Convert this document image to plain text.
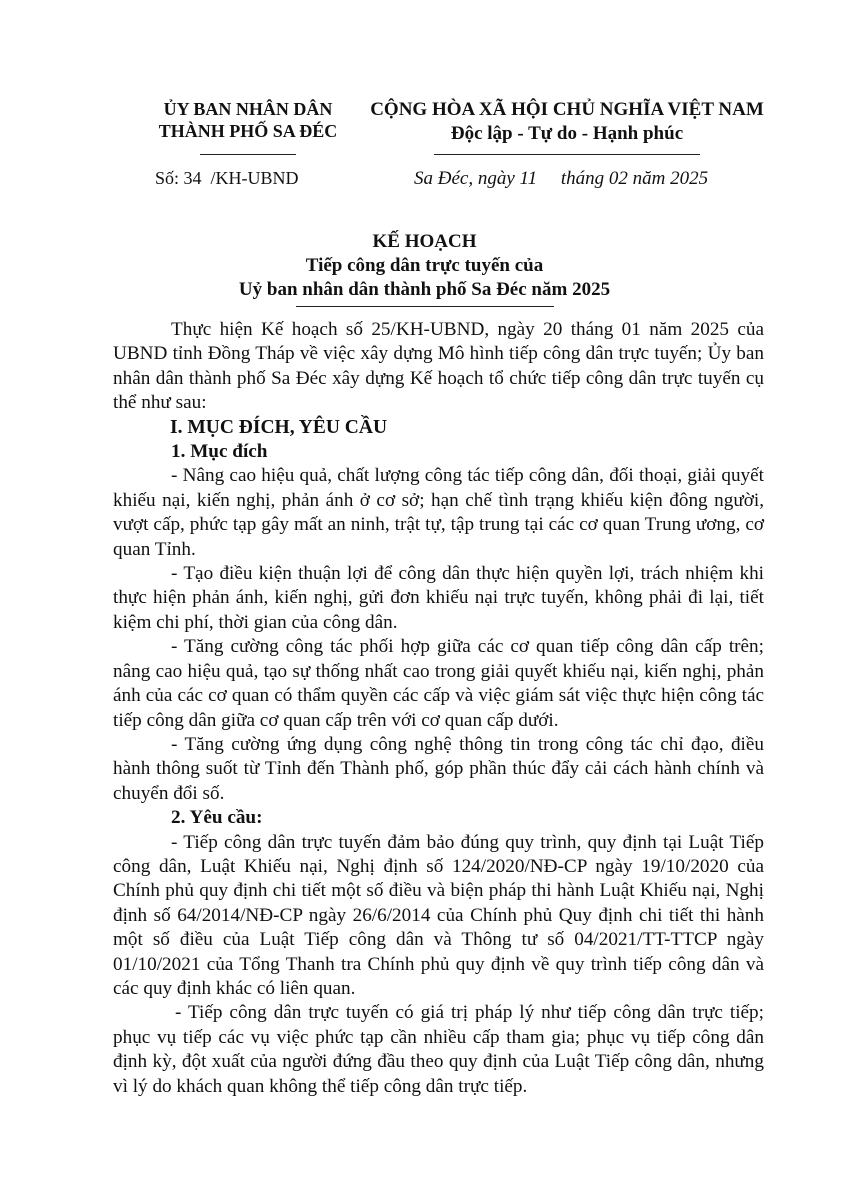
ỦY BAN NHÂN DÂN
THÀNH PHỐ SA ĐÉC
CỘNG HÒA XÃ HỘI CHỦ NGHĨA VIỆT NAM
Độc lập - Tự do - Hạnh phúc
Số: 34  /KH-UBND	Sa Đéc, ngày 11     tháng 02 năm 2025
KẾ HOẠCH
Tiếp công dân trực tuyến của
Uỷ ban nhân dân thành phố Sa Đéc năm 2025

Thực hiện Kế hoạch số 25/KH-UBND, ngày 20 tháng 01 năm 2025 của UBND tỉnh Đồng Tháp về việc xây dựng Mô hình tiếp công dân trực tuyến; Ủy ban nhân dân thành phố Sa Đéc xây dựng Kế hoạch tổ chức tiếp công dân trực tuyến cụ thể như sau:

I. MỤC ĐÍCH, YÊU CẦU

1. Mục đích

- Nâng cao hiệu quả, chất lượng công tác tiếp công dân, đối thoại, giải quyết khiếu nại, kiến nghị, phản ánh ở cơ sở; hạn chế tình trạng khiếu kiện đông người, vượt cấp, phức tạp gây mất an ninh, trật tự, tập trung tại các cơ quan Trung ương, cơ quan Tỉnh.

- Tạo điều kiện thuận lợi để công dân thực hiện quyền lợi, trách nhiệm khi thực hiện phản ánh, kiến nghị, gửi đơn khiếu nại trực tuyến, không phải đi lại, tiết kiệm chi phí, thời gian của công dân.

- Tăng cường công tác phối hợp giữa các cơ quan tiếp công dân cấp trên; nâng cao hiệu quả, tạo sự thống nhất cao trong giải quyết khiếu nại, kiến nghị, phản ánh của các cơ quan có thẩm quyền các cấp và việc giám sát việc thực hiện công tác tiếp công dân giữa cơ quan cấp trên với cơ quan cấp dưới.

- Tăng cường ứng dụng công nghệ thông tin trong công tác chỉ đạo, điều hành thông suốt từ Tỉnh đến Thành phố, góp phần thúc đẩy cải cách hành chính và chuyển đổi số.

2. Yêu cầu:

- Tiếp công dân trực tuyến đảm bảo đúng quy trình, quy định tại Luật Tiếp công dân, Luật Khiếu nại, Nghị định số 124/2020/NĐ-CP ngày 19/10/2020 của Chính phủ quy định chi tiết một số điều và biện pháp thi hành Luật Khiếu nại, Nghị định số 64/2014/NĐ-CP ngày 26/6/2014 của Chính phủ Quy định chi tiết thi hành một số điều của Luật Tiếp công dân và Thông tư số 04/2021/TT-TTCP ngày 01/10/2021 của Tổng Thanh tra Chính phủ quy định về quy trình tiếp công dân và các quy định khác có liên quan.

- Tiếp công dân trực tuyến có giá trị pháp lý như tiếp công dân trực tiếp; phục vụ tiếp các vụ việc phức tạp cần nhiều cấp tham gia; phục vụ tiếp công dân định kỳ, đột xuất của người đứng đầu theo quy định của Luật Tiếp công dân, nhưng vì lý do khách quan không thể tiếp công dân trực tiếp.
